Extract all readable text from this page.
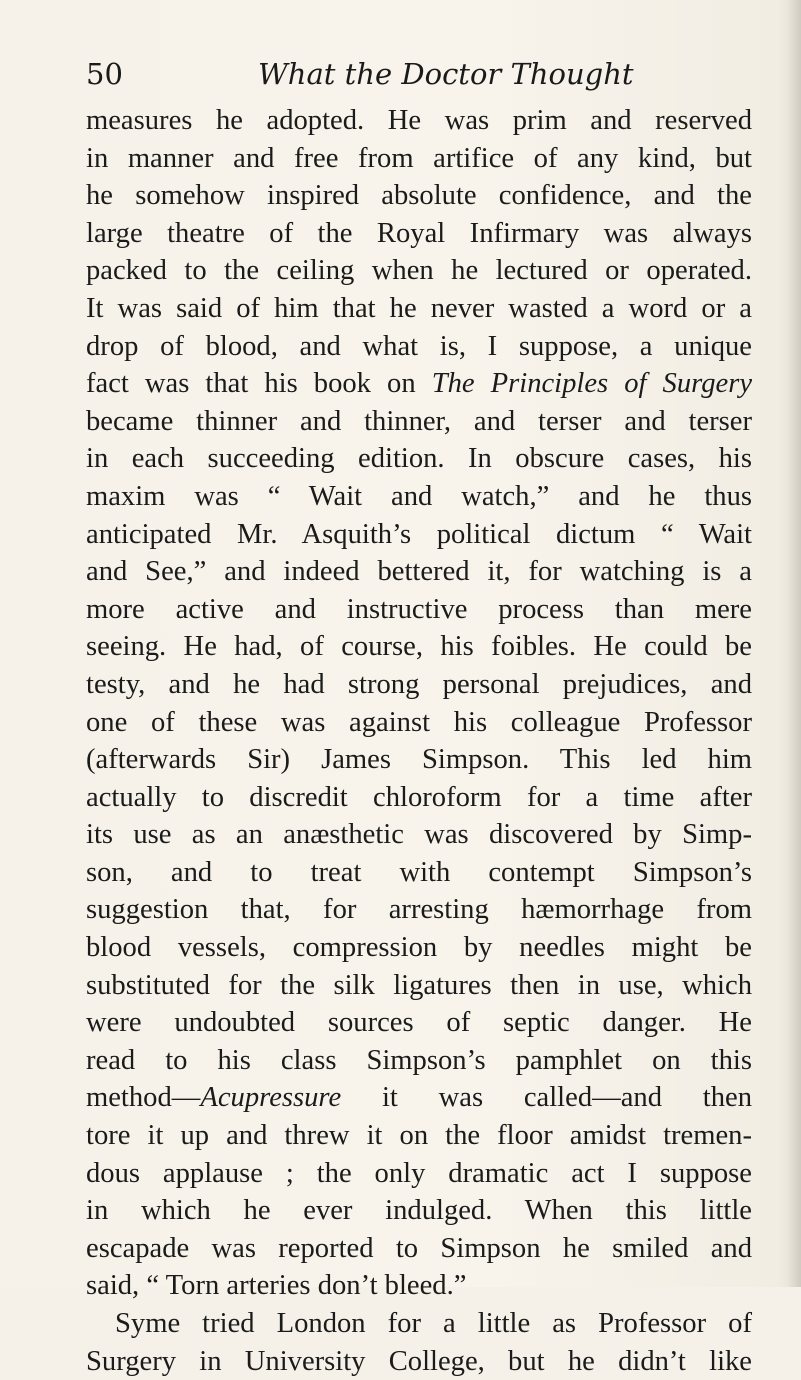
50	What the Doctor Thought
measures he adopted. He was prim and reserved
in manner and free from artifice of any kind, but
he somehow inspired absolute confidence, and the
large theatre of the Royal Infirmary was always
packed to the ceiling when he lectured or operated.
It was said of him that he never wasted a word or a
drop of blood, and what is, I suppose, a unique
fact was that his book on The Principles of Surgery
became thinner and thinner, and terser and terser
in each succeeding edition. In obscure cases, his
maxim was “ Wait and watch,” and he thus
anticipated Mr. Asquith’s political dictum “ Wait
and See,” and indeed bettered it, for watching is a
more active and instructive process than mere
seeing. He had, of course, his foibles. He could be
testy, and he had strong personal prejudices, and
one of these was against his colleague Professor
(afterwards Sir) James Simpson. This led him
actually to discredit chloroform for a time after
its use as an anæsthetic was discovered by Simp-
son, and to treat with contempt Simpson’s
suggestion that, for arresting hæmorrhage from
blood vessels, compression by needles might be
substituted for the silk ligatures then in use, which
were undoubted sources of septic danger. He
read to his class Simpson’s pamphlet on this
method—Acupressure it was called—and then
tore it up and threw it on the floor amidst tremen-
dous applause ; the only dramatic act I suppose
in which he ever indulged. When this little
escapade was reported to Simpson he smiled and
said, “ Torn arteries don’t bleed.”
Syme tried London for a little as Professor of
Surgery in University College, but he didn’t like
